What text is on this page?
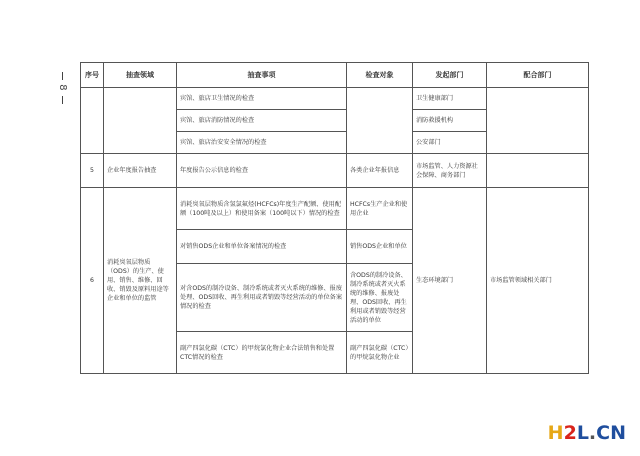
8
序号	抽查领域	抽查事项	检查对象	发起部门	配合部门
		宾馆、旅店卫生情况的检查		卫生健康部门	
		宾馆、旅店消防情况的检查		消防救援机构	
		宾馆、旅店治安安全情况的检查		公安部门	
5	企业年度报告抽查	年度报告公示信息的检查	各类企业年报信息	市场监管、人力资源社会保障、商务部门	
6	消耗臭氧层物质（ODS）的生产、使用、销售、维修、回收、销毁及原料用途等企业和单位的监管	消耗臭氧层物质含氢氯氟烃(HCFCs)年度生产配额、使用配额（100吨及以上）和使用备案（100吨以下）情况的检查	HCFCs生产企业和使用企业	生态环境部门	市场监管领域相关部门
		对销售ODS企业和单位备案情况的检查	销售ODS企业和单位		
		对含ODS的制冷设备、制冷系统或者灭火系统的维修、报废处理、ODS回收、再生利用或者销毁等经营活动的单位备案情况的检查	含ODS的制冷设备、制冷系统或者灭火系统的维修、报废处理、ODS回收、再生利用或者销毁等经营活动的单位		
		副产四氯化碳（CTC）的甲烷氯化物企业合法销售和处置CTC情况的检查	副产四氯化碳（CTC）的甲烷氯化物企业		
H2L.CN
